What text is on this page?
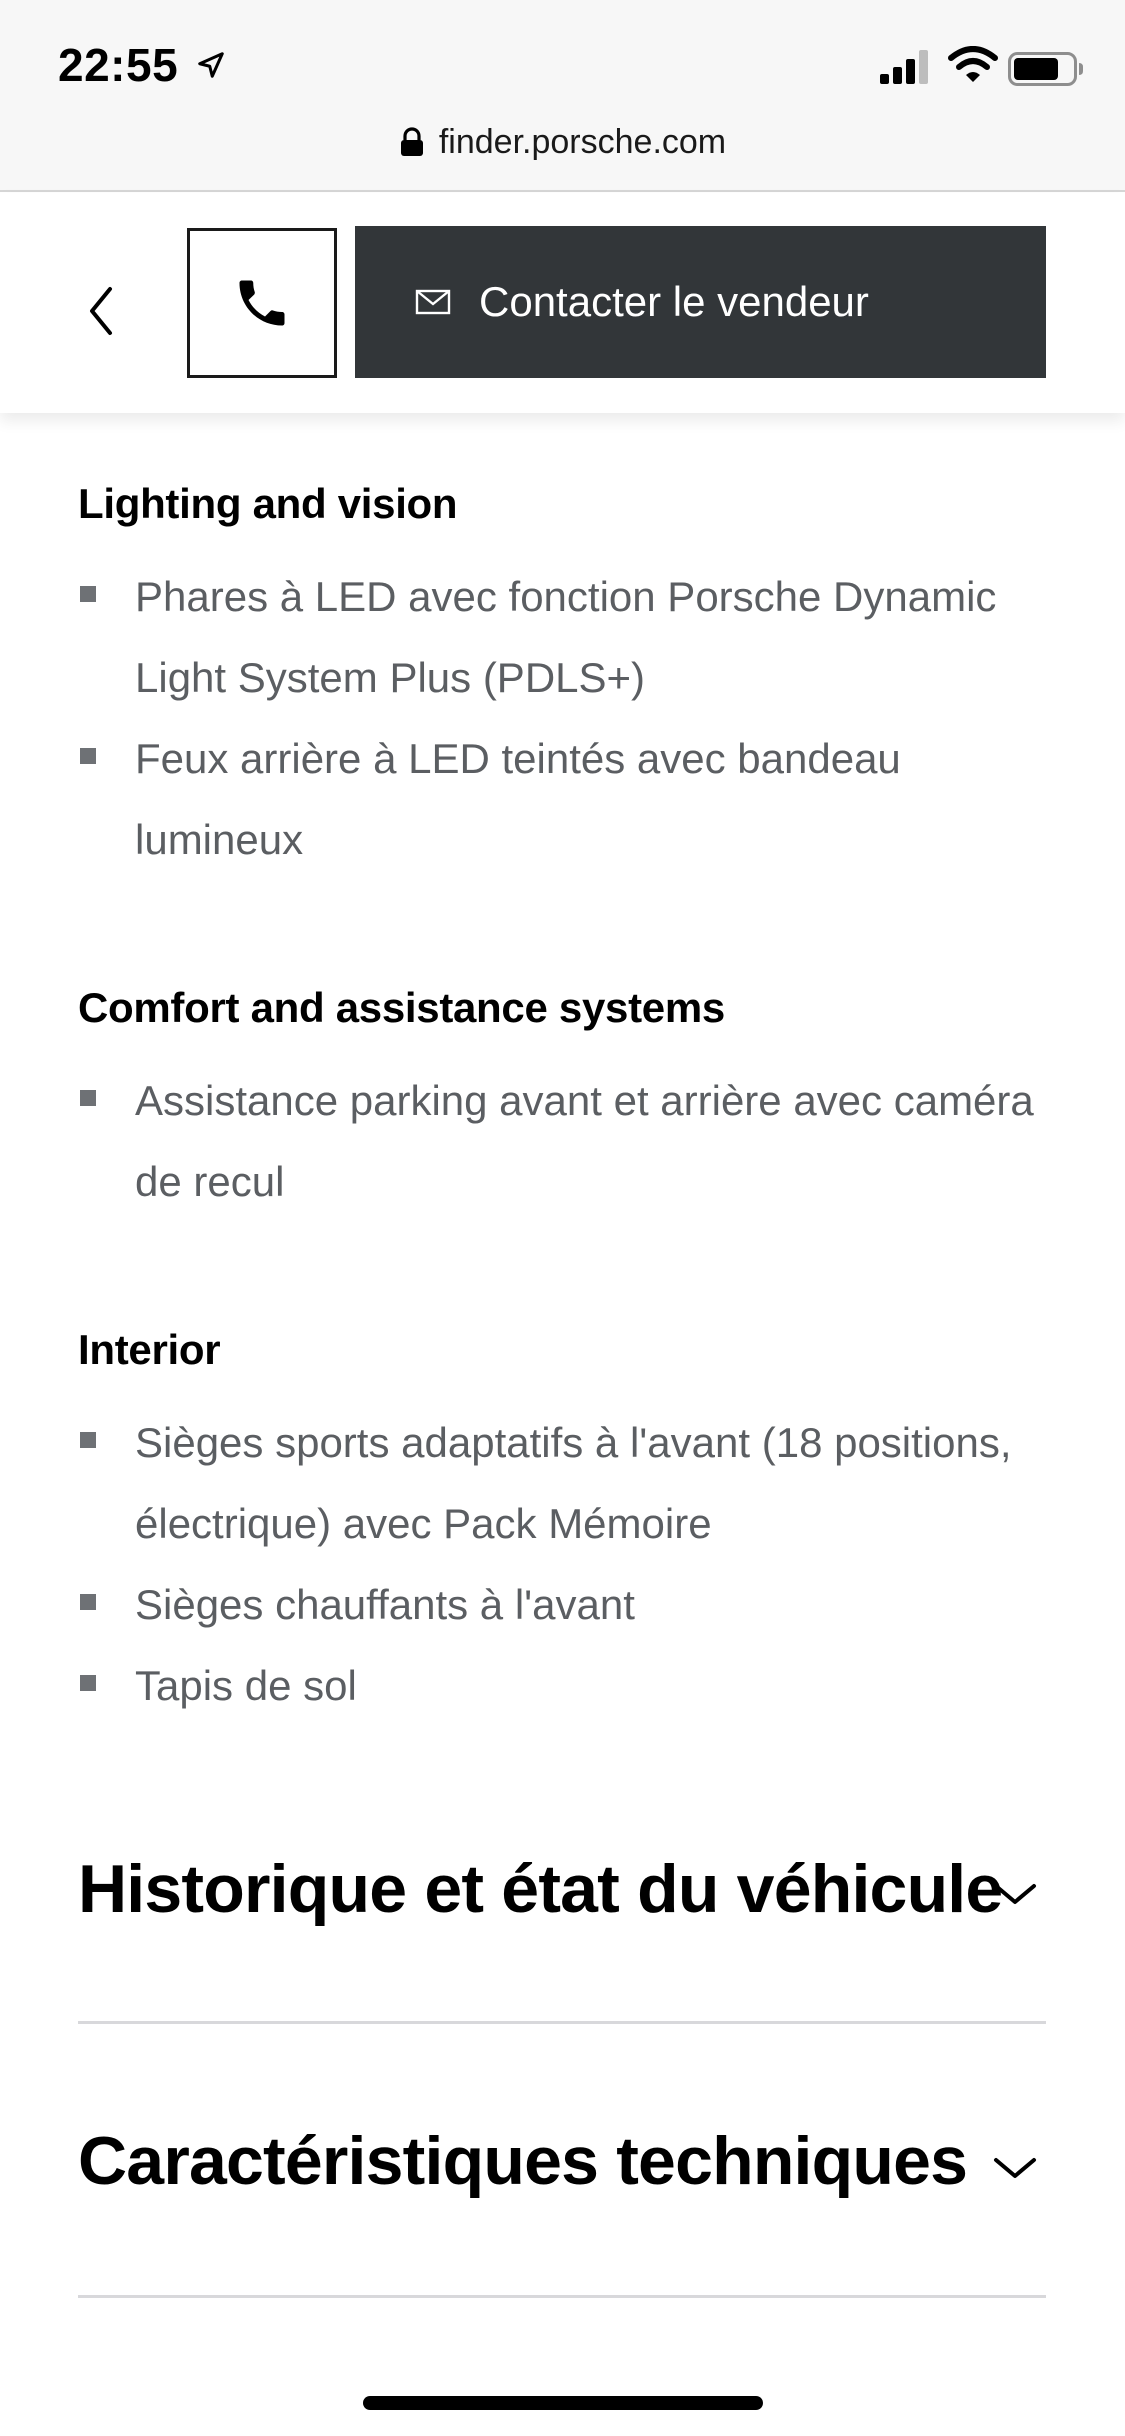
22:55
finder.porsche.com
Contacter le vendeur
Lighting and vision
Phares à LED avec fonction Porsche Dynamic Light System Plus (PDLS+)
Feux arrière à LED teintés avec bandeau lumineux
Comfort and assistance systems
Assistance parking avant et arrière avec caméra de recul
Interior
Sièges sports adaptatifs à l'avant (18 positions, électrique) avec Pack Mémoire
Sièges chauffants à l'avant
Tapis de sol
Historique et état du véhicule
Caractéristiques techniques
